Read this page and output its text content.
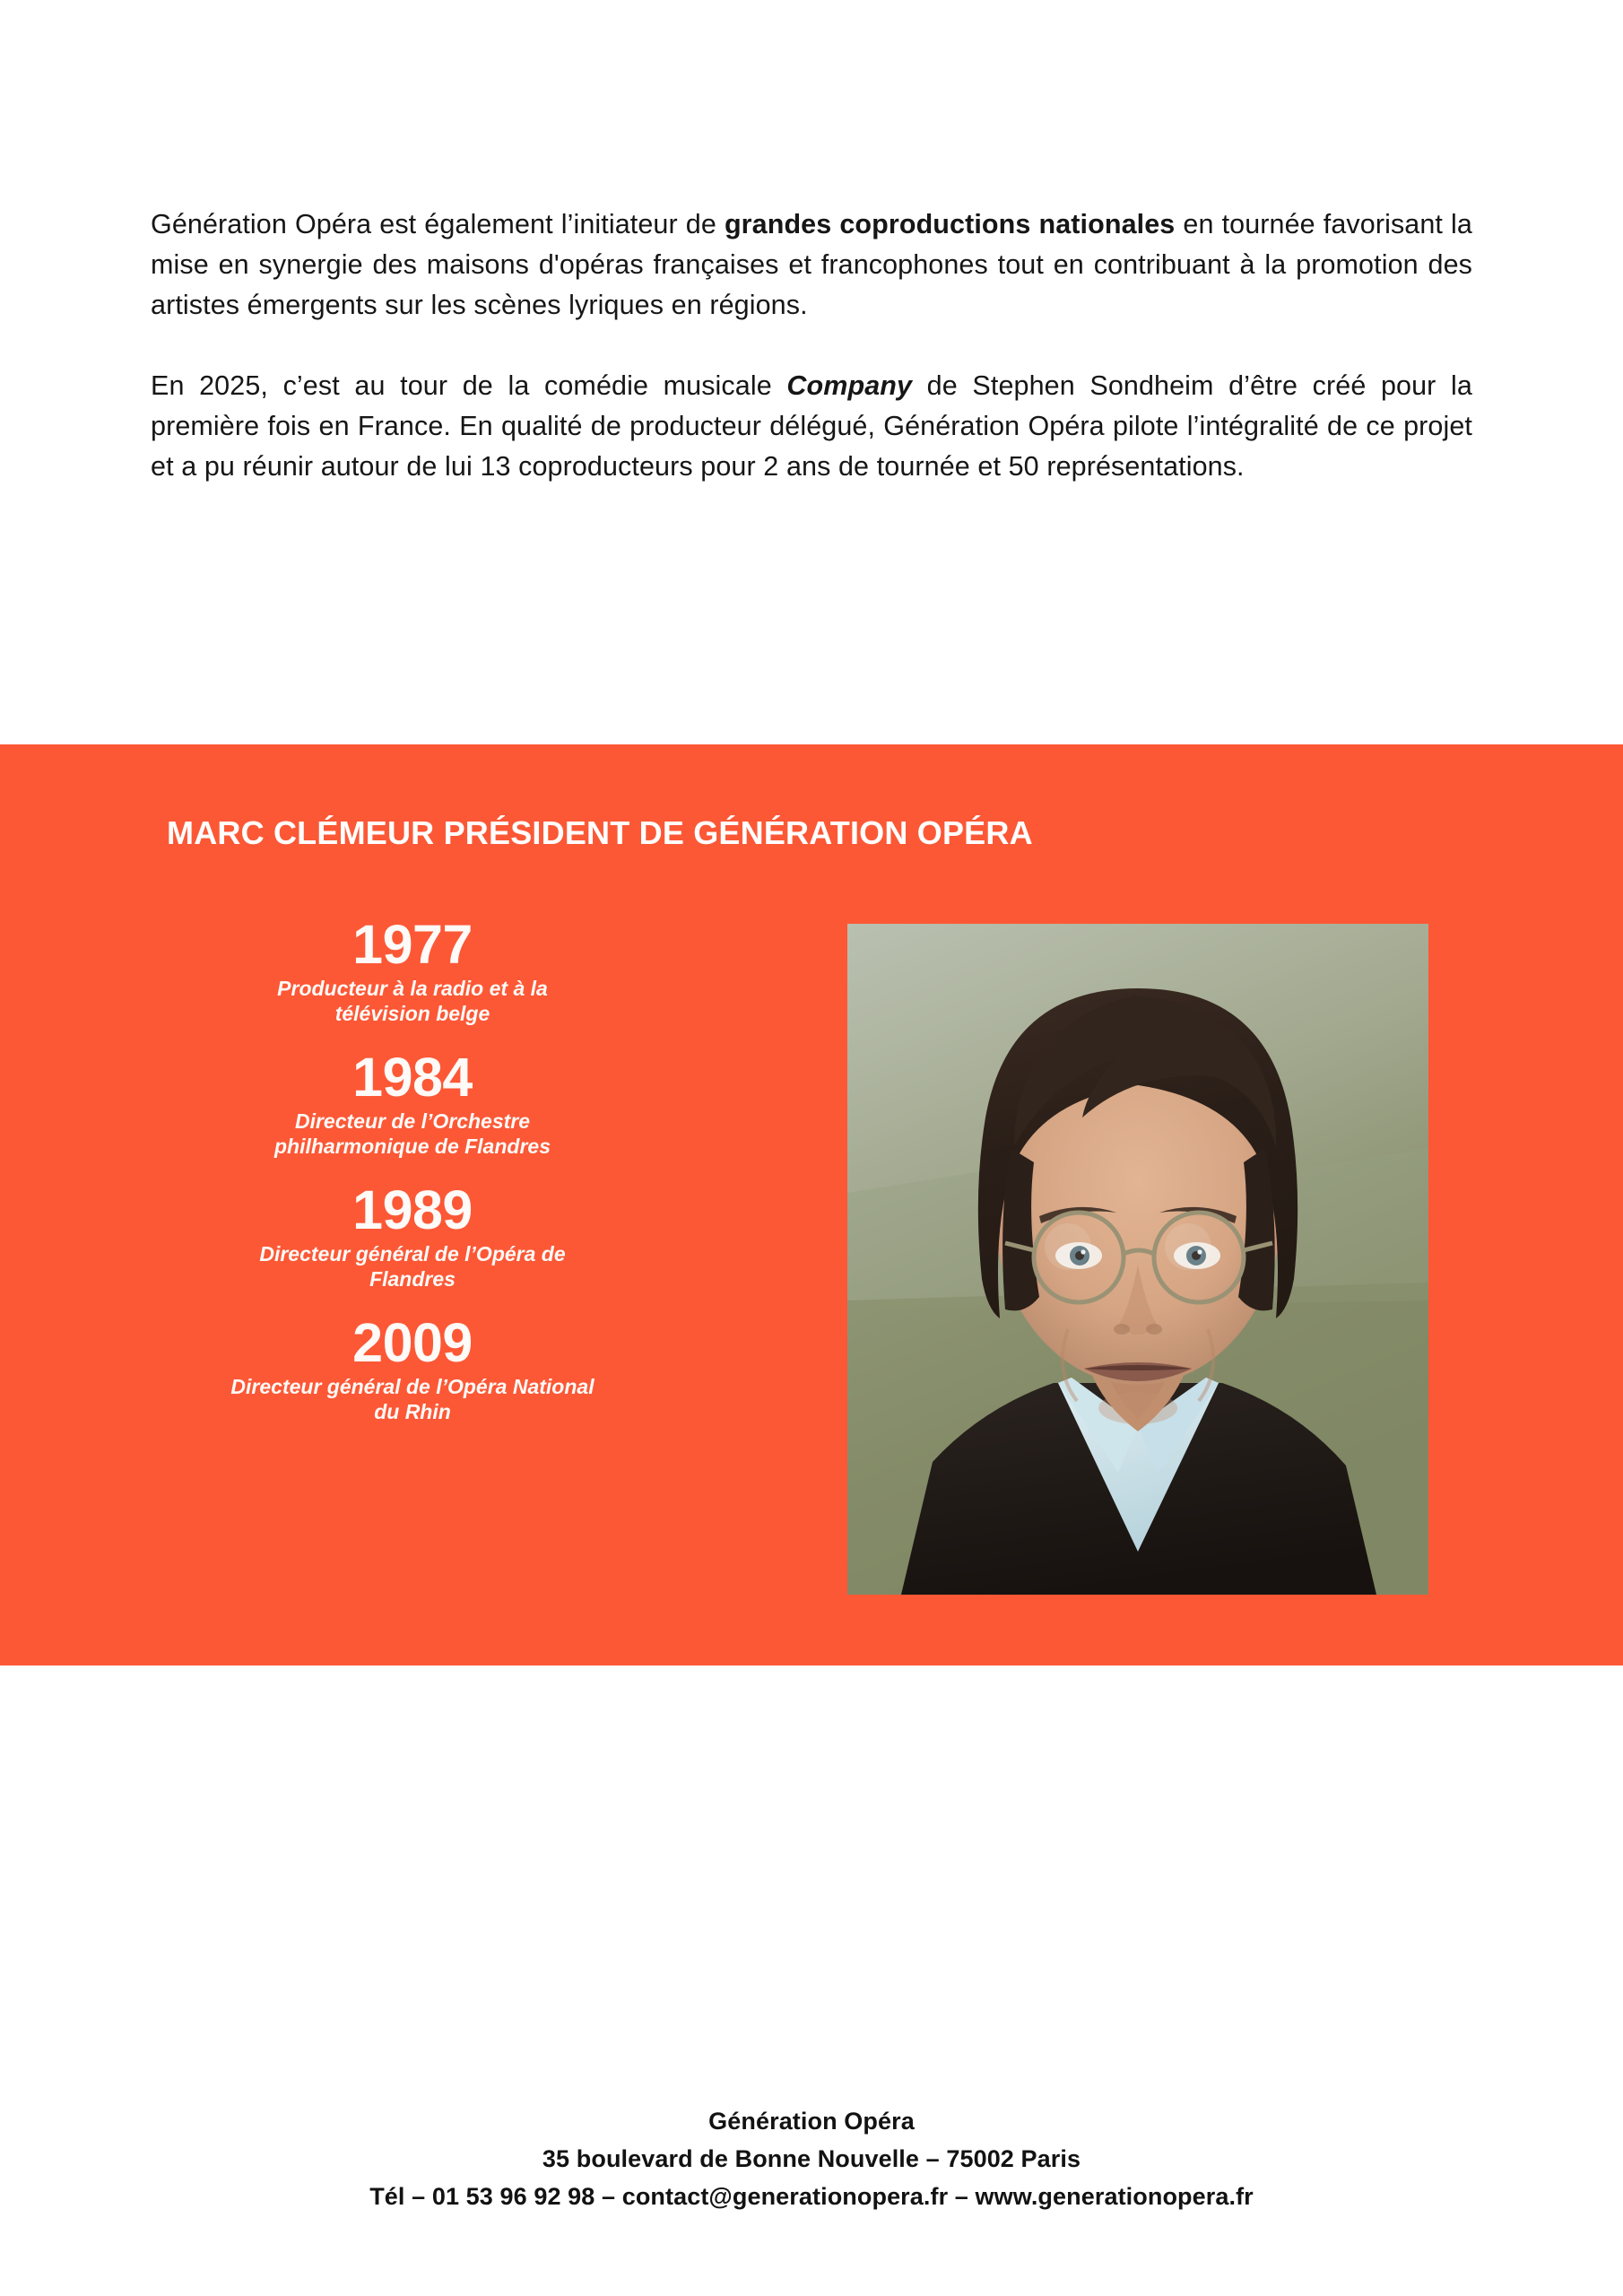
Génération Opéra est également l’initiateur de grandes coproductions nationales en tournée favorisant la mise en synergie des maisons d'opéras françaises et francophones tout en contribuant à la promotion des artistes émergents sur les scènes lyriques en régions.

En 2025, c’est au tour de la comédie musicale Company de Stephen Sondheim d’être créé pour la première fois en France. En qualité de producteur délégué, Génération Opéra pilote l’intégralité de ce projet et a pu réunir autour de lui 13 coproducteurs pour 2 ans de tournée et 50 représentations.

MARC CLÉMEUR PRÉSIDENT DE GÉNÉRATION OPÉRA
1977
Producteur à la radio et à la télévision belge
1984
Directeur de l’Orchestre philharmonique de Flandres
1989
Directeur général de l’Opéra de Flandres
2009
Directeur général de l’Opéra National du Rhin
Génération Opéra
35 boulevard de Bonne Nouvelle – 75002 Paris
Tél – 01 53 96 92 98 – contact@generationopera.fr – www.generationopera.fr
